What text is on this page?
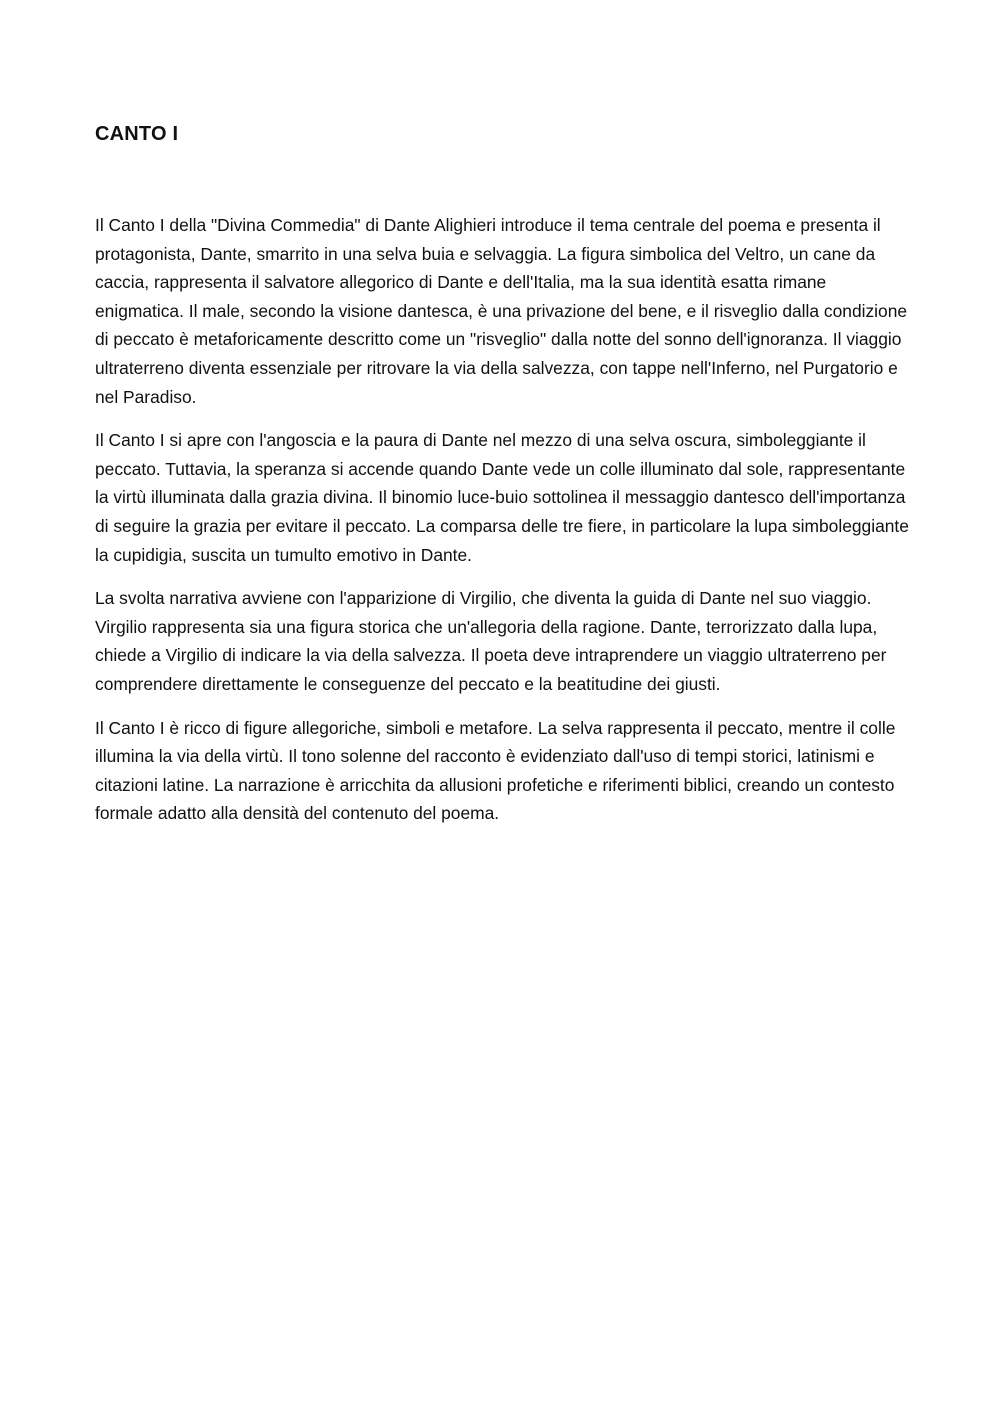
CANTO I

Il Canto I della "Divina Commedia" di Dante Alighieri introduce il tema centrale del poema e presenta il protagonista, Dante, smarrito in una selva buia e selvaggia. La figura simbolica del Veltro, un cane da caccia, rappresenta il salvatore allegorico di Dante e dell'Italia, ma la sua identità esatta rimane enigmatica. Il male, secondo la visione dantesca, è una privazione del bene, e il risveglio dalla condizione di peccato è metaforicamente descritto come un "risveglio" dalla notte del sonno dell'ignoranza. Il viaggio ultraterreno diventa essenziale per ritrovare la via della salvezza, con tappe nell'Inferno, nel Purgatorio e nel Paradiso.

Il Canto I si apre con l'angoscia e la paura di Dante nel mezzo di una selva oscura, simboleggiante il peccato. Tuttavia, la speranza si accende quando Dante vede un colle illuminato dal sole, rappresentante la virtù illuminata dalla grazia divina. Il binomio luce-buio sottolinea il messaggio dantesco dell'importanza di seguire la grazia per evitare il peccato. La comparsa delle tre fiere, in particolare la lupa simboleggiante la cupidigia, suscita un tumulto emotivo in Dante.

La svolta narrativa avviene con l'apparizione di Virgilio, che diventa la guida di Dante nel suo viaggio. Virgilio rappresenta sia una figura storica che un'allegoria della ragione. Dante, terrorizzato dalla lupa, chiede a Virgilio di indicare la via della salvezza. Il poeta deve intraprendere un viaggio ultraterreno per comprendere direttamente le conseguenze del peccato e la beatitudine dei giusti.

Il Canto I è ricco di figure allegoriche, simboli e metafore. La selva rappresenta il peccato, mentre il colle illumina la via della virtù. Il tono solenne del racconto è evidenziato dall'uso di tempi storici, latinismi e citazioni latine. La narrazione è arricchita da allusioni profetiche e riferimenti biblici, creando un contesto formale adatto alla densità del contenuto del poema.
